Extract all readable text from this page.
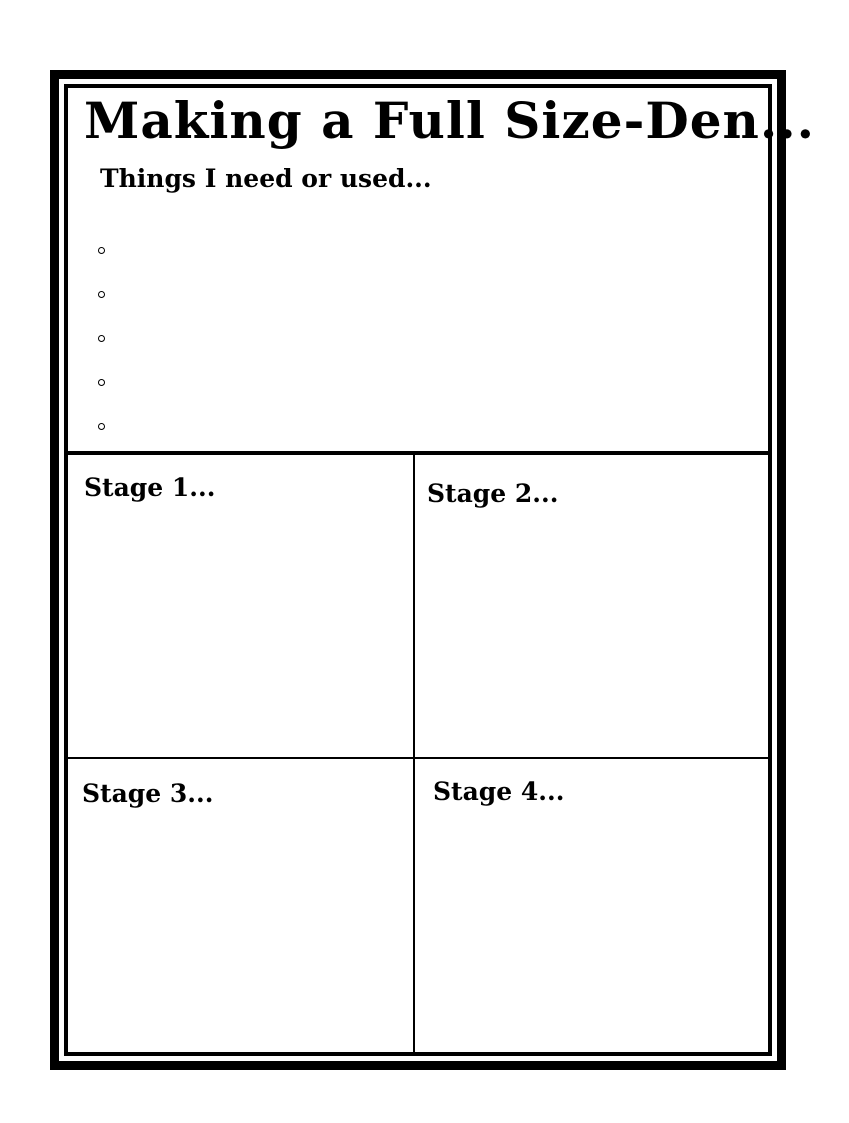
Making a Full Size-Den...
Things I need or used...
Stage 1...	Stage 2...
Stage 3...	Stage 4...
